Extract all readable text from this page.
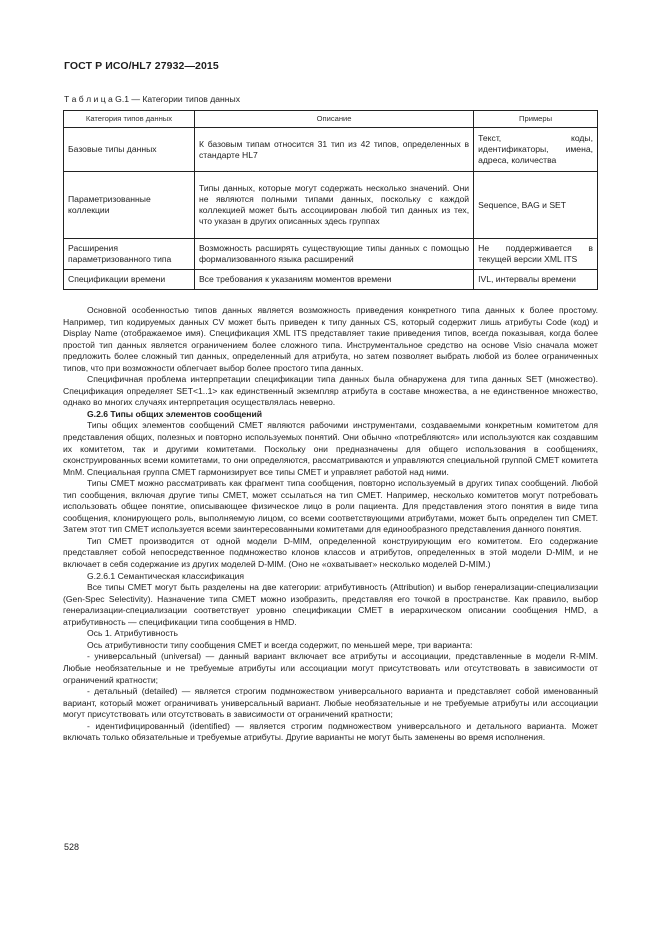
ГОСТ Р ИСО/HL7 27932—2015
Т а б л и ц а G.1 — Категории типов данных
Категория типов данных	Описание	Примеры
Базовые типы данных	К базовым типам относится 31 тип из 42 типов, определенных в стандарте HL7	Текст, коды, идентификаторы, имена, адреса, количества
Параметризованные коллекции	Типы данных, которые могут содержать несколько значений. Они не являются полными типами данных, поскольку с каждой коллекцией может быть ассоциирован любой тип данных из тех, что указан в других описанных здесь группах	Sequence, BAG и SET
Расширения параметризованного типа	Возможность расширять существующие типы данных с помощью формализованного языка расширений	Не поддерживается в текущей версии XML ITS
Спецификации времени	Все требования к указаниям моментов времени	IVL, интервалы времени

Основной особенностью типов данных является возможность приведения конкретного типа данных к более простому. Например, тип кодируемых данных CV может быть приведен к типу данных CS, который содержит лишь атрибуты Code (код) и Display Name (отображаемое имя). Спецификация XML ITS представляет такие приведения типов, всегда показывая, когда более простой тип данных является ограничением более сложного типа. Инструментальное средство на основе Visio сначала может предложить более сложный тип данных, определенный для атрибута, но затем позволяет выбрать любой из более ограниченных типов, что при возможности облегчает выбор более простого типа данных.

Специфичная проблема интерпретации спецификации типа данных была обнаружена для типа данных SET (множество). Спецификация определяет SET<1..1> как единственный экземпляр атрибута в составе множества, а не единственное множество, однако во многих случаях интерпретация осуществлялась неверно.

G.2.6 Типы общих элементов сообщений

Типы общих элементов сообщений CMET являются рабочими инструментами, создаваемыми конкретным комитетом для представления общих, полезных и повторно используемых понятий. Они обычно «потребляются» или используются как создавшим их комитетом, так и другими комитетами. Поскольку они предназначены для общего использования в сообщениях, сконструированных всеми комитетами, то они определяются, рассматриваются и управляются специальной группой CMET комитета MnM. Специальная группа CMET гармонизирует все типы CMET и управляет работой над ними.

Типы CMET можно рассматривать как фрагмент типа сообщения, повторно используемый в других типах сообщений. Любой тип сообщения, включая другие типы CMET, может ссылаться на тип CMET. Например, несколько комитетов могут потребовать использовать общее понятие, описывающее физическое лицо в роли пациента. Для представления этого понятия в виде типа сообщения, клонирующего роль, выполняемую лицом, со всеми соответствующими атрибутами, может быть определен тип CMET. Затем этот тип CMET используется всеми заинтересованными комитетами для единообразного представления данного понятия.

Тип CMET производится от одной модели D-MIM, определенной конструирующим его комитетом. Его содержание представляет собой непосредственное подмножество клонов классов и атрибутов, определенных в этой модели D-MIM, и не включает в себя содержание из других моделей D-MIM. (Оно не «охватывает» несколько моделей D-MIM.)

G.2.6.1 Семантическая классификация

Все типы CMET могут быть разделены на две категории: атрибутивность (Attribution) и выбор генерализации-специализации (Gen-Spec Selectivity). Назначение типа CMET можно изобразить, представляя его точкой в пространстве. Как правило, выбор генерализации-специализации соответствует уровню спецификации CMET в иерархическом описании сообщения HMD, а атрибутивность — спецификации типа сообщения в HMD.

Ось 1. Атрибутивность

Ось атрибутивности типу сообщения CMET и всегда содержит, по меньшей мере, три варианта:

- универсальный (universal) — данный вариант включает все атрибуты и ассоциации, представленные в модели R-MIM. Любые необязательные и не требуемые атрибуты или ассоциации могут присутствовать или отсутствовать в зависимости от ограничений кратности;

- детальный (detailed) — является строгим подмножеством универсального варианта и представляет собой именованный вариант, который может ограничивать универсальный вариант. Любые необязательные и не требуемые атрибуты или ассоциации могут присутствовать или отсутствовать в зависимости от ограничений кратности;

- идентифицированный (identified) — является строгим подмножеством универсального и детального варианта. Может включать только обязательные и требуемые атрибуты. Другие варианты не могут быть заменены во время исполнения.

528
